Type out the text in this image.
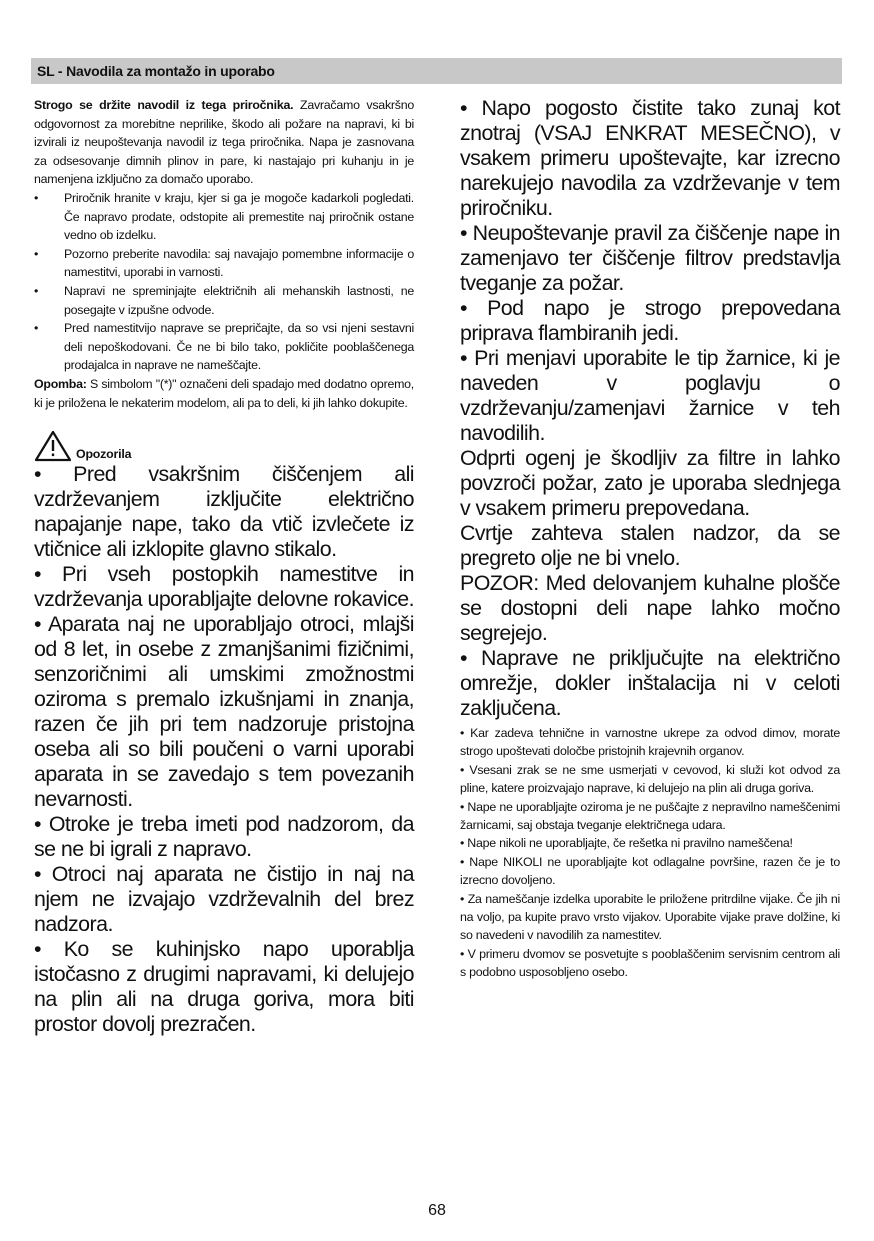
SL - Navodila za montažo in uporabo

Strogo se držite navodil iz tega priročnika. Zavračamo vsakršno odgovornost za morebitne neprilike, škodo ali požare na napravi, ki bi izvirali iz neupoštevanja navodil iz tega priročnika. Napa je zasnovana za odsesovanje dimnih plinov in pare, ki nastajajo pri kuhanju in je namenjena izključno za domačo uporabo.

• Priročnik hranite v kraju, kjer si ga je mogoče kadarkoli pogledati. Če napravo prodate, odstopite ali premestite naj priročnik ostane vedno ob izdelku.
• Pozorno preberite navodila: saj navajajo pomembne informacije o namestitvi, uporabi in varnosti.
• Napravi ne spreminjajte električnih ali mehanskih lastnosti, ne posegajte v izpušne odvode.
• Pred namestitvijo naprave se prepričajte, da so vsi njeni sestavni deli nepoškodovani. Če ne bi bilo tako, pokličite pooblaščenega prodajalca in naprave ne nameščajte.

Opomba: S simbolom "(*)" označeni deli spadajo med dodatno opremo, ki je priložena le nekaterim modelom, ali pa to deli, ki jih lahko dokupite.

Opozorila

• Pred vsakršnim čiščenjem ali vzdrževanjem izključite električno napajanje nape, tako da vtič izvlečete iz vtičnice ali izklopite glavno stikalo.

• Pri vseh postopkih namestitve in vzdrževanja uporabljajte delovne rokavice.

• Aparata naj ne uporabljajo otroci, mlajši od 8 let, in osebe z zmanjšanimi fizičnimi, senzoričnimi ali umskimi zmožnostmi oziroma s premalo izkušnjami in znanja, razen če jih pri tem nadzoruje pristojna oseba ali so bili poučeni o varni uporabi aparata in se zavedajo s tem povezanih nevarnosti.

• Otroke je treba imeti pod nadzorom, da se ne bi igrali z napravo.

• Otroci naj aparata ne čistijo in naj na njem ne izvajajo vzdrževalnih del brez nadzora.

• Ko se kuhinjsko napo uporablja istočasno z drugimi napravami, ki delujejo na plin ali na druga goriva, mora biti prostor dovolj prezračen.

• Napo pogosto čistite tako zunaj kot znotraj (VSAJ ENKRAT MESEČNO), v vsakem primeru upoštevajte, kar izrecno narekujejo navodila za vzdrževanje v tem priročniku.

• Neupoštevanje pravil za čiščenje nape in zamenjavo ter čiščenje filtrov predstavlja tveganje za požar.

• Pod napo je strogo prepovedana priprava flambiranih jedi.

• Pri menjavi uporabite le tip žarnice, ki je naveden v poglavju o vzdrževanju/zamenjavi žarnice v teh navodilih.

Odprti ogenj je škodljiv za filtre in lahko povzroči požar, zato je uporaba slednjega v vsakem primeru prepovedana.

Cvrtje zahteva stalen nadzor, da se pregreto olje ne bi vnelo.

POZOR: Med delovanjem kuhalne plošče se dostopni deli nape lahko močno segrejejo.

• Naprave ne priključujte na električno omrežje, dokler inštalacija ni v celoti zaključena.

• Kar zadeva tehnične in varnostne ukrepe za odvod dimov, morate strogo upoštevati določbe pristojnih krajevnih organov.

• Vsesani zrak se ne sme usmerjati v cevovod, ki služi kot odvod za pline, katere proizvajajo naprave, ki delujejo na plin ali druga goriva.

• Nape ne uporabljajte oziroma je ne puščajte z nepravilno nameščenimi žarnicami, saj obstaja tveganje električnega udara.

• Nape nikoli ne uporabljajte, če rešetka ni pravilno nameščena!

• Nape NIKOLI ne uporabljajte kot odlagalne površine, razen če je to izrecno dovoljeno.

• Za nameščanje izdelka uporabite le priložene pritrdilne vijake. Če jih ni na voljo, pa kupite pravo vrsto vijakov. Uporabite vijake prave dolžine, ki so navedeni v navodilih za namestitev.

• V primeru dvomov se posvetujte s pooblaščenim servisnim centrom ali s podobno usposobljeno osebo.

68
